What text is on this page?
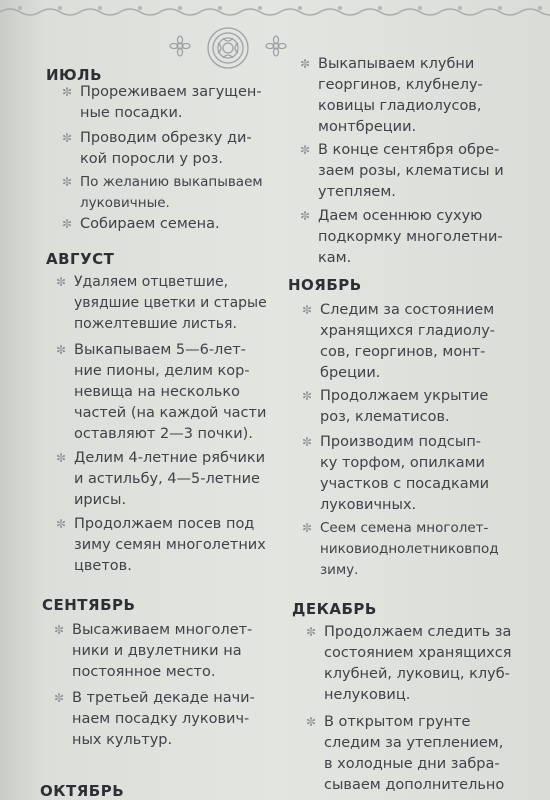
ИЮЛЬ
✼ Прореживаем загущен-
ные посадки.
✼ Проводим обрезку ди-
кой поросли у роз.
✼ По желанию выкапываем
луковичные.
✼ Собираем семена.
АВГУСТ
✼ Удаляем отцветшие,
увядшие цветки и старые
пожелтевшие листья.
✼ Выкапываем 5—6-лет-
ние пионы, делим кор-
невища на несколько
частей (на каждой части
оставляют 2—3 почки).
✼ Делим 4-летние рябчики
и астильбу, 4—5-летние
ирисы.
✼ Продолжаем посев под
зиму семян многолетних
цветов.
СЕНТЯБРЬ
✼ Высаживаем многолет-
ники и двулетники на
постоянное место.
✼ В третьей декаде начи-
наем посадку лукович-
ных культур.
ОКТЯБРЬ
✼ Выкапываем клубни
георгинов, клубнелу-
ковицы гладиолусов,
монтбреции.
✼ В конце сентября обре-
заем розы, клематисы и
утепляем.
✼ Даем осеннюю сухую
подкормку многолетни-
кам.
НОЯБРЬ
✼ Следим за состоянием
хранящихся гладиолу-
сов, георгинов, монт-
бреции.
✼ Продолжаем укрытие
роз, клематисов.
✼ Производим подсып-
ку торфом, опилками
участков с посадками
луковичных.
✼ Сеем семена многолет-
никовиоднолетниковпод
зиму.
ДЕКАБРЬ
✼ Продолжаем следить за
состоянием хранящихся
клубней, луковиц, клуб-
нелуковиц.
✼ В открытом грунте
следим за утеплением,
в холодные дни забра-
сываем дополнительно
